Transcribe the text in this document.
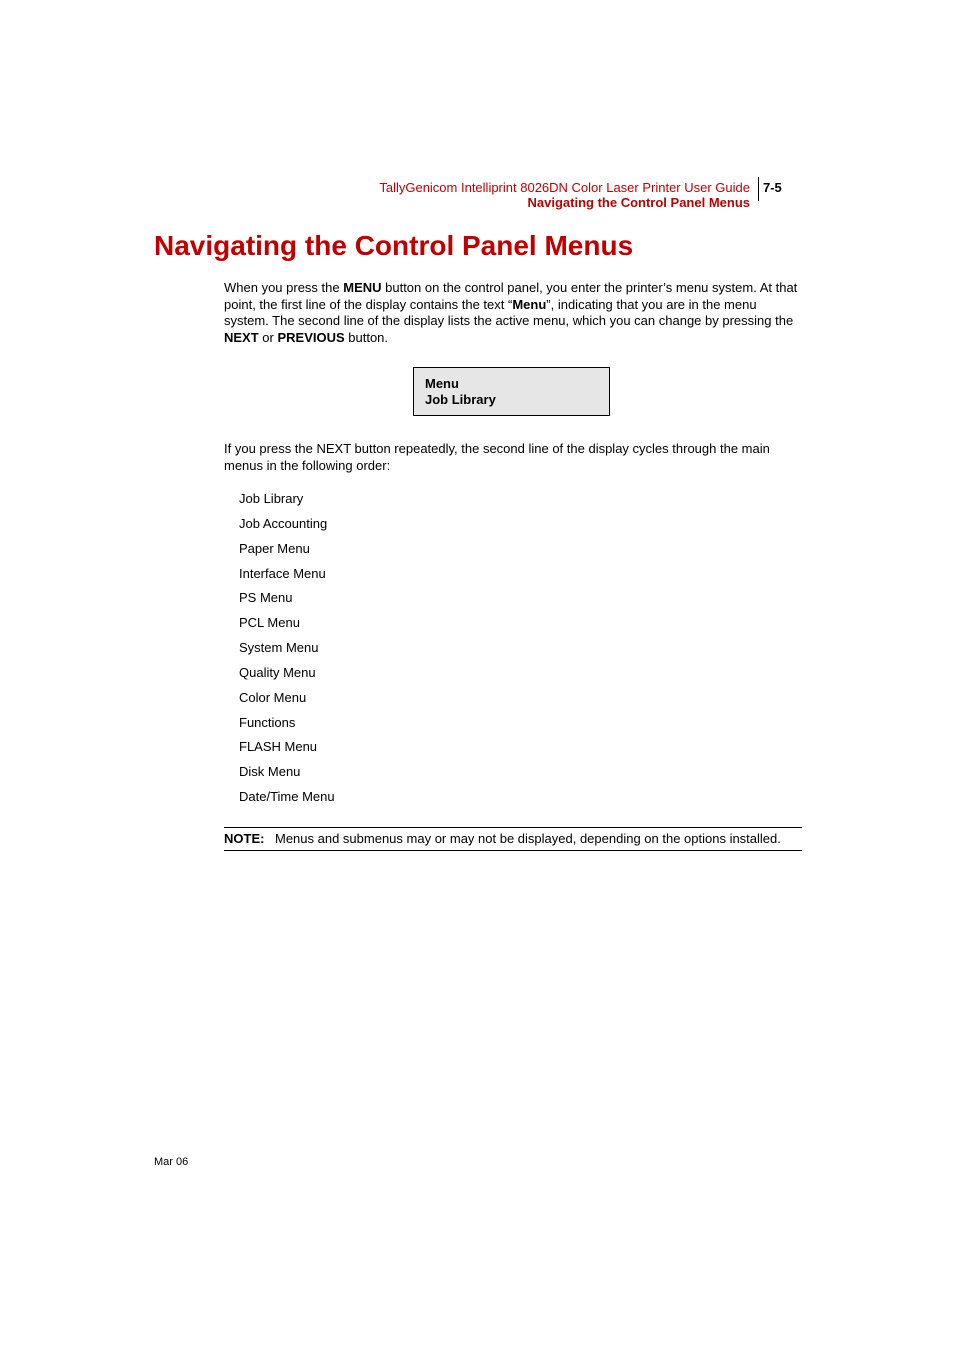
TallyGenicom Intelliprint 8026DN Color Laser Printer User Guide
Navigating the Control Panel Menus
7-5
Navigating the Control Panel Menus

When you press the MENU button on the control panel, you enter the printer’s menu system. At that point, the first line of the display contains the text “Menu”, indicating that you are in the menu system. The second line of the display lists the active menu, which you can change by pressing the NEXT or PREVIOUS button.

Menu
Job Library

If you press the NEXT button repeatedly, the second line of the display cycles through the main menus in the following order:

Job Library
Job Accounting
Paper Menu
Interface Menu
PS Menu
PCL Menu
System Menu
Quality Menu
Color Menu
Functions
FLASH Menu
Disk Menu
Date/Time Menu
NOTE: Menus and submenus may or may not be displayed, depending on the options installed.
Mar 06
